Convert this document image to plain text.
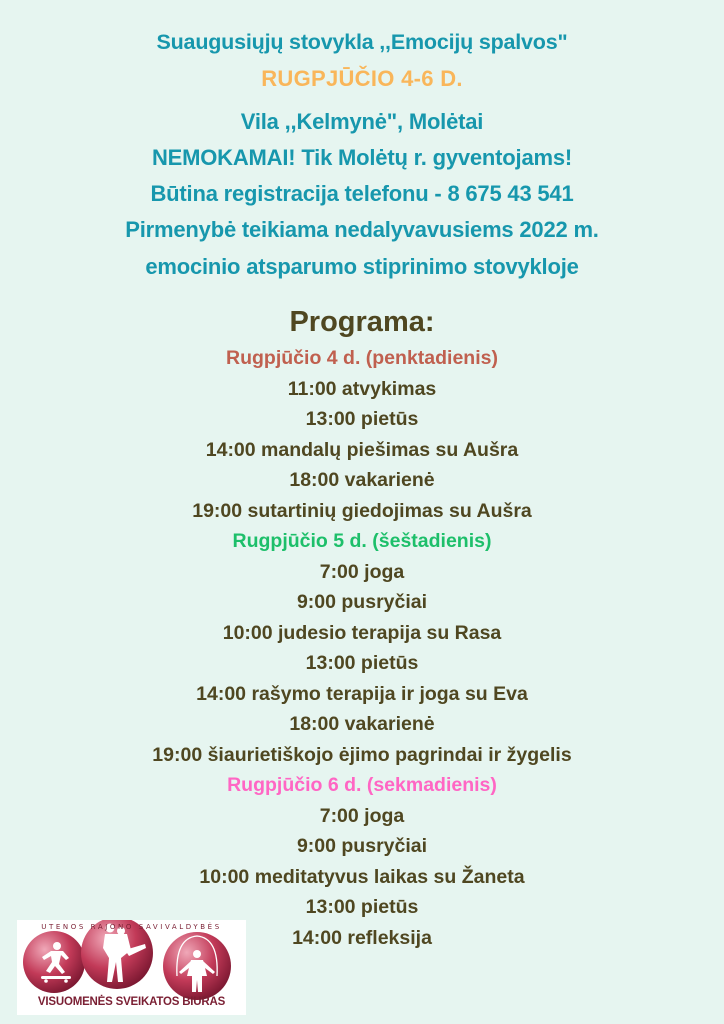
Suaugusiųjų stovykla ,,Emocijų spalvos"
RUGPJŪČIO 4-6 D.
Vila ,,Kelmynė", Molėtai
NEMOKAMAI! Tik Molėtų r. gyventojams!
Būtina registracija telefonu - 8 675 43 541
Pirmenybė teikiama nedalyvavusiems 2022 m.
emocinio atsparumo stiprinimo stovykloje
Programa:
Rugpjūčio 4 d. (penktadienis)
11:00 atvykimas
13:00 pietūs
14:00 mandalų piešimas su Aušra
18:00 vakarienė
19:00 sutartinių giedojimas su Aušra
Rugpjūčio 5 d. (šeštadienis)
7:00 joga
9:00 pusryčiai
10:00 judesio terapija su Rasa
13:00 pietūs
14:00 rašymo terapija ir joga su Eva
18:00 vakarienė
19:00 šiaurietiškojo ėjimo pagrindai ir žygelis
Rugpjūčio 6 d. (sekmadienis)
7:00 joga
9:00 pusryčiai
10:00 meditatyvus laikas su Žaneta
13:00 pietūs
14:00 refleksija
UTENOS RAJONO SAVIVALDYBĖS
VISUOMENĖS SVEIKATOS BIURAS
